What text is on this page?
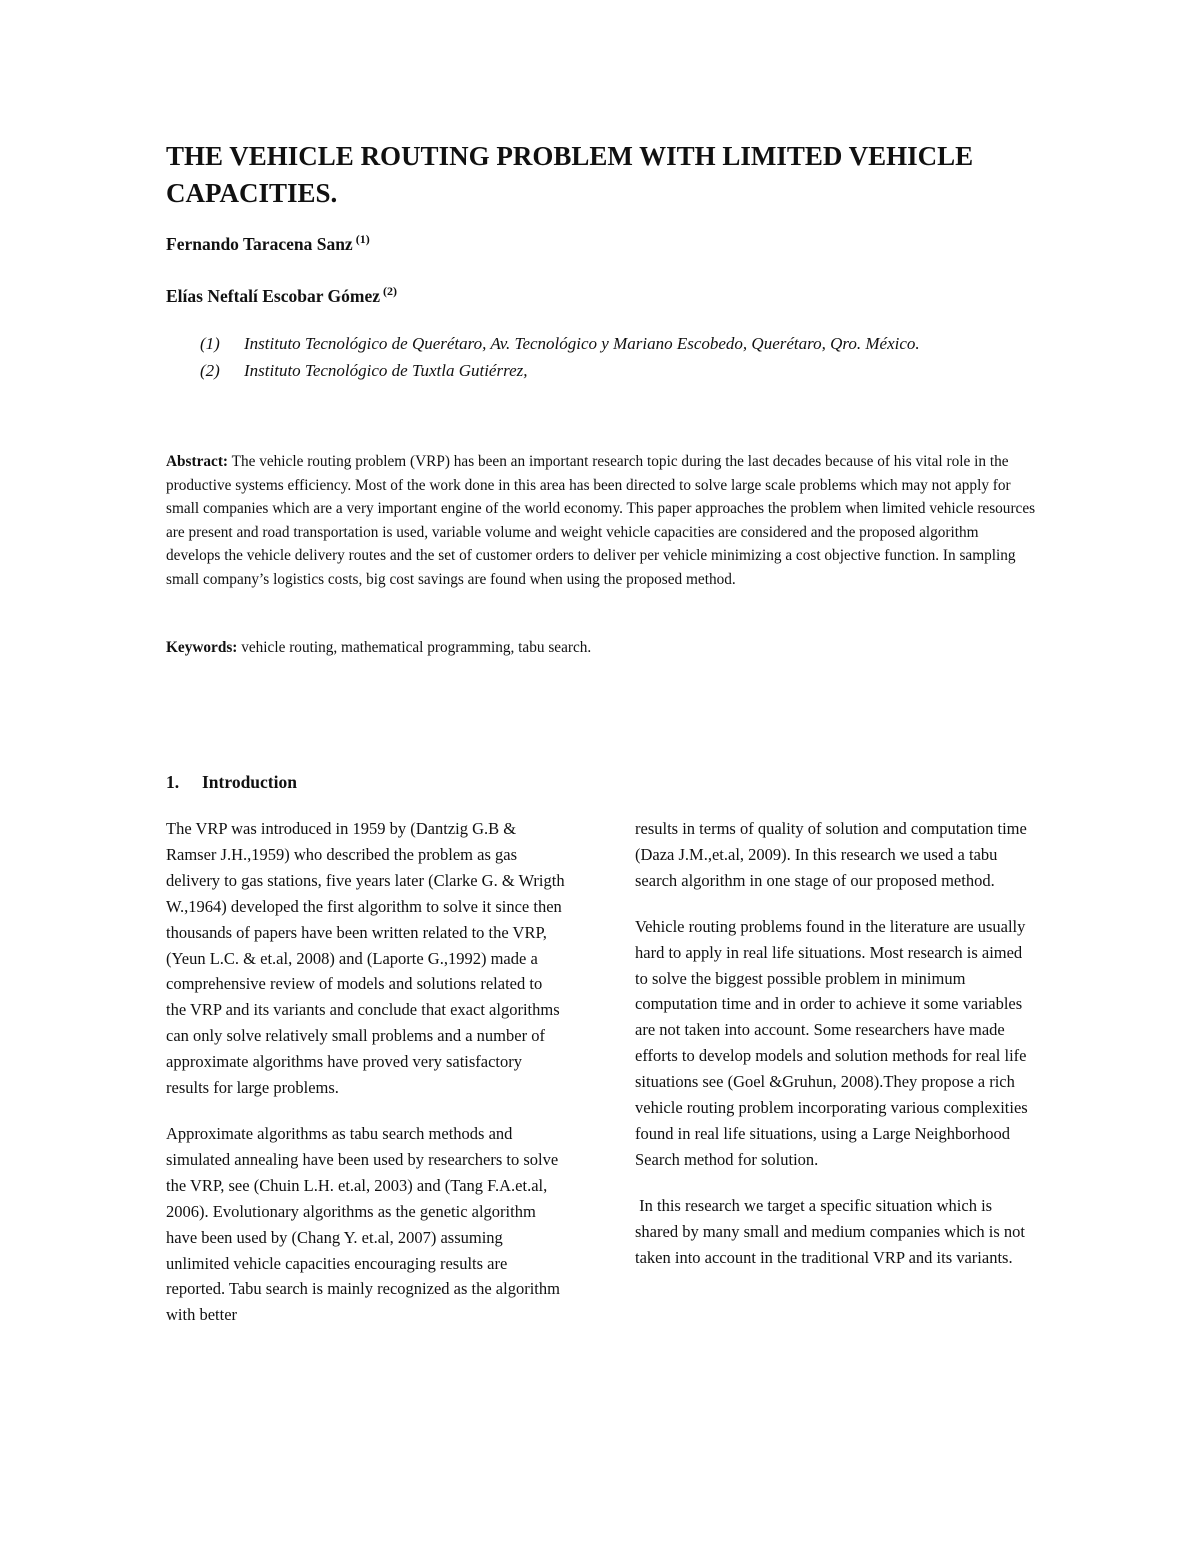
THE VEHICLE ROUTING PROBLEM WITH LIMITED VEHICLE CAPACITIES.
Fernando Taracena Sanz $^{(1)}$
Elías Neftalí Escobar Gómez $^{(2)}$
(1) Instituto Tecnológico de Querétaro, Av. Tecnológico y Mariano Escobedo, Querétaro, Qro. México.
(2) Instituto Tecnológico de Tuxtla Gutiérrez,

Abstract: The vehicle routing problem (VRP) has been an important research topic during the last decades because of his vital role in the productive systems efficiency. Most of the work done in this area has been directed to solve large scale problems which may not apply for small companies which are a very important engine of the world economy. This paper approaches the problem when limited vehicle resources are present and road transportation is used, variable volume and weight vehicle capacities are considered and the proposed algorithm develops the vehicle delivery routes and the set of customer orders to deliver per vehicle minimizing a cost objective function. In sampling small company’s logistics costs, big cost savings are found when using the proposed method.

Keywords: vehicle routing, mathematical programming, tabu search.

1. Introduction

The VRP was introduced in 1959 by (Dantzig G.B & Ramser J.H.,1959) who described the problem as gas delivery to gas stations, five years later (Clarke G. & Wrigth W.,1964) developed the first algorithm to solve it since then thousands of papers have been written related to the VRP, (Yeun L.C. & et.al, 2008) and (Laporte G.,1992) made a comprehensive review of models and solutions related to the VRP and its variants and conclude that exact algorithms can only solve relatively small problems and a number of approximate algorithms have proved very satisfactory results for large problems.

Approximate algorithms as tabu search methods and simulated annealing have been used by researchers to solve the VRP, see (Chuin L.H. et.al, 2003) and (Tang F.A.et.al, 2006). Evolutionary algorithms as the genetic algorithm have been used by (Chang Y. et.al, 2007) assuming unlimited vehicle capacities encouraging results are reported. Tabu search is mainly recognized as the algorithm with better

results in terms of quality of solution and computation time (Daza J.M.,et.al, 2009). In this research we used a tabu search algorithm in one stage of our proposed method.

Vehicle routing problems found in the literature are usually hard to apply in real life situations. Most research is aimed to solve the biggest possible problem in minimum computation time and in order to achieve it some variables are not taken into account. Some researchers have made efforts to develop models and solution methods for real life situations see (Goel &Gruhun, 2008).They propose a rich vehicle routing problem incorporating various complexities found in real life situations, using a Large Neighborhood Search method for solution.

In this research we target a specific situation which is shared by many small and medium companies which is not taken into account in the traditional VRP and its variants.
